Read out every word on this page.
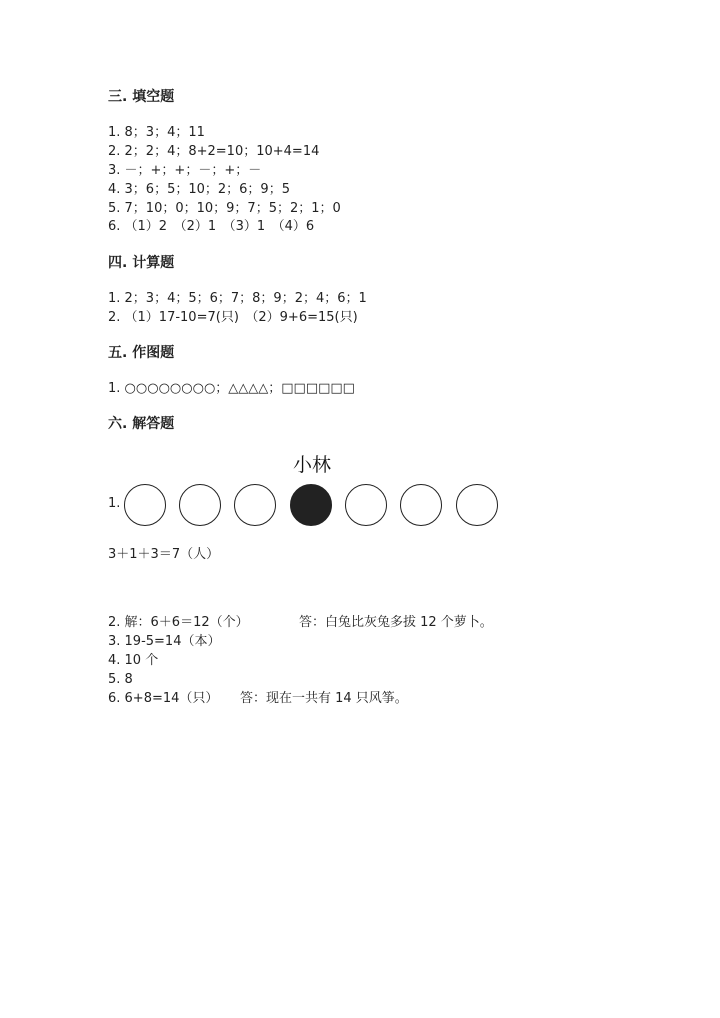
三. 填空题
1. 8；3；4；11
2. 2；2；4；8+2=10；10+4=14
3. －；+；+；－；+；－
4. 3；6；5；10；2；6；9；5
5. 7；10；0；10；9；7；5；2；1；0
6. （1）2　（2）1　（3）1　（4）6
四. 计算题
1. 2；3；4；5；6；7；8；9；2；4；6；1
2. （1）17-10=7(只)　（2）9+6=15(只)
五. 作图题
1. ○○○○○○○○；△△△△；□□□□□□
六. 解答题
1.
小林
3＋1＋3＝7（人）
2. 解：6＋6＝12（个）	答：白兔比灰兔多拔 12 个萝卜。
3. 19-5=14（本）
4. 10 个
5. 8
6. 6+8=14（只） 答：现在一共有 14 只风筝。
